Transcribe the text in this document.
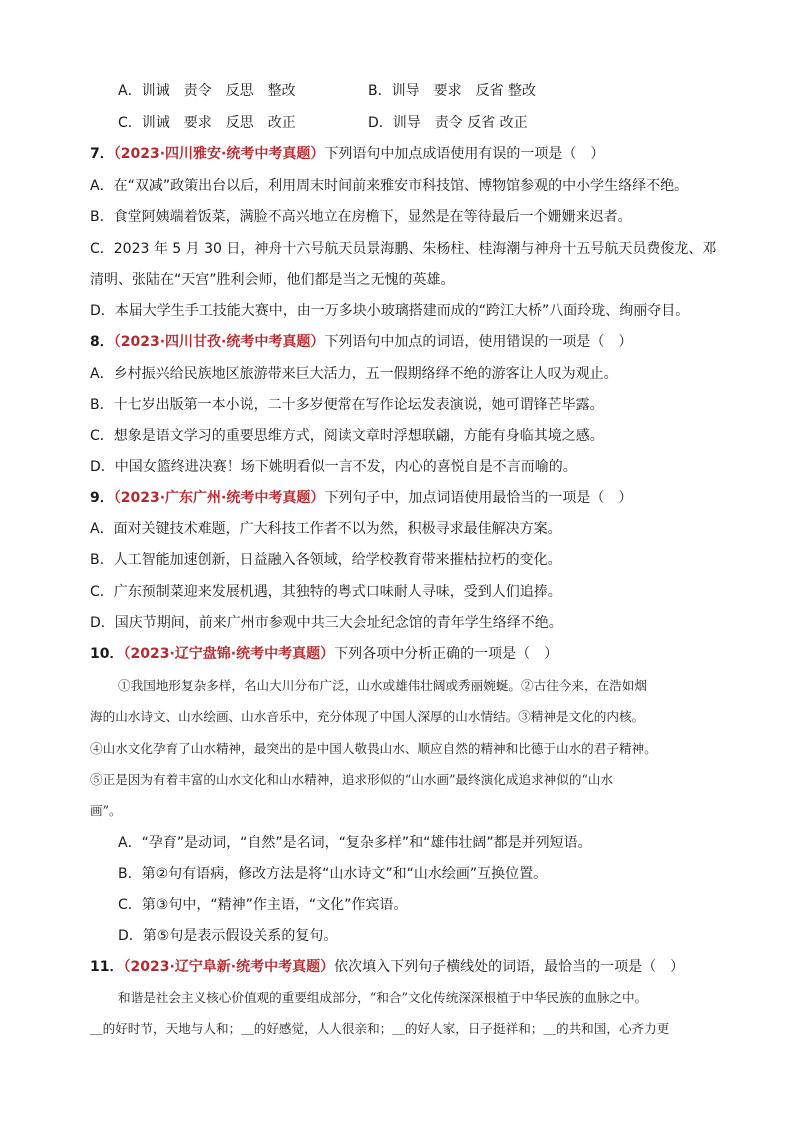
A．训诫　责令　反思　整改	B．训导　要求　反省 整改
C．训诫　要求　反思　改正	D．训导　责令 反省 改正
7．（2023·四川雅安·统考中考真题）下列语句中加点成语使用有误的一项是（　）
A．在“双减”政策出台以后，利用周末时间前来雅安市科技馆、博物馆参观的中小学生络绎不绝。
B．食堂阿姨端着饭菜，满脸不高兴地立在房檐下，显然是在等待最后一个姗姗来迟者。
C．2023 年 5 月 30 日，神舟十六号航天员景海鹏、朱杨柱、桂海潮与神舟十五号航天员费俊龙、邓
清明、张陆在“天宫”胜利会师，他们都是当之无愧的英雄。
D．本届大学生手工技能大赛中，由一万多块小玻璃搭建而成的“跨江大桥”八面玲珑、绚丽夺目。
8．（2023·四川甘孜·统考中考真题）下列语句中加点的词语，使用错误的一项是（　）
A．乡村振兴给民族地区旅游带来巨大活力，五一假期络绎不绝的游客让人叹为观止。
B．十七岁出版第一本小说，二十多岁便常在写作论坛发表演说，她可谓锋芒毕露。
C．想象是语文学习的重要思维方式，阅读文章时浮想联翩，方能有身临其境之感。
D．中国女篮终进决赛！场下姚明看似一言不发，内心的喜悦自是不言而喻的。
9．（2023·广东广州·统考中考真题）下列句子中，加点词语使用最恰当的一项是（　）
A．面对关键技术难题，广大科技工作者不以为然，积极寻求最佳解决方案。
B．人工智能加速创新，日益融入各领域，给学校教育带来摧枯拉朽的变化。
C．广东预制菜迎来发展机遇，其独特的粤式口味耐人寻味，受到人们追捧。
D．国庆节期间，前来广州市参观中共三大会址纪念馆的青年学生络绎不绝。
10．（2023·辽宁盘锦·统考中考真题）下列各项中分析正确的一项是（　）
①我国地形复杂多样，名山大川分布广泛，山水或雄伟壮阔或秀丽婉蜒。②古往今来，在浩如烟
海的山水诗文、山水绘画、山水音乐中，充分体现了中国人深厚的山水情结。③精神是文化的内核。
④山水文化孕育了山水精神，最突出的是中国人敬畏山水、顺应自然的精神和比德于山水的君子精神。
⑤正是因为有着丰富的山水文化和山水精神，追求形似的“山水画”最终演化成追求神似的“山水
画”。
A．“孕育”是动词，“自然”是名词，“复杂多样”和“雄伟壮阔”都是并列短语。
B．第②句有语病，修改方法是将“山水诗文”和“山水绘画”互换位置。
C．第③句中，“精神”作主语，“文化”作宾语。
D．第⑤句是表示假设关系的复句。
11．（2023·辽宁阜新·统考中考真题）依次填入下列句子横线处的词语，最恰当的一项是（　）
和谐是社会主义核心价值观的重要组成部分，“和合”文化传统深深根植于中华民族的血脉之中。
＿的好时节，天地与人和；＿的好感觉，人人很亲和；＿的好人家，日子挺祥和；＿的共和国，心齐力更
